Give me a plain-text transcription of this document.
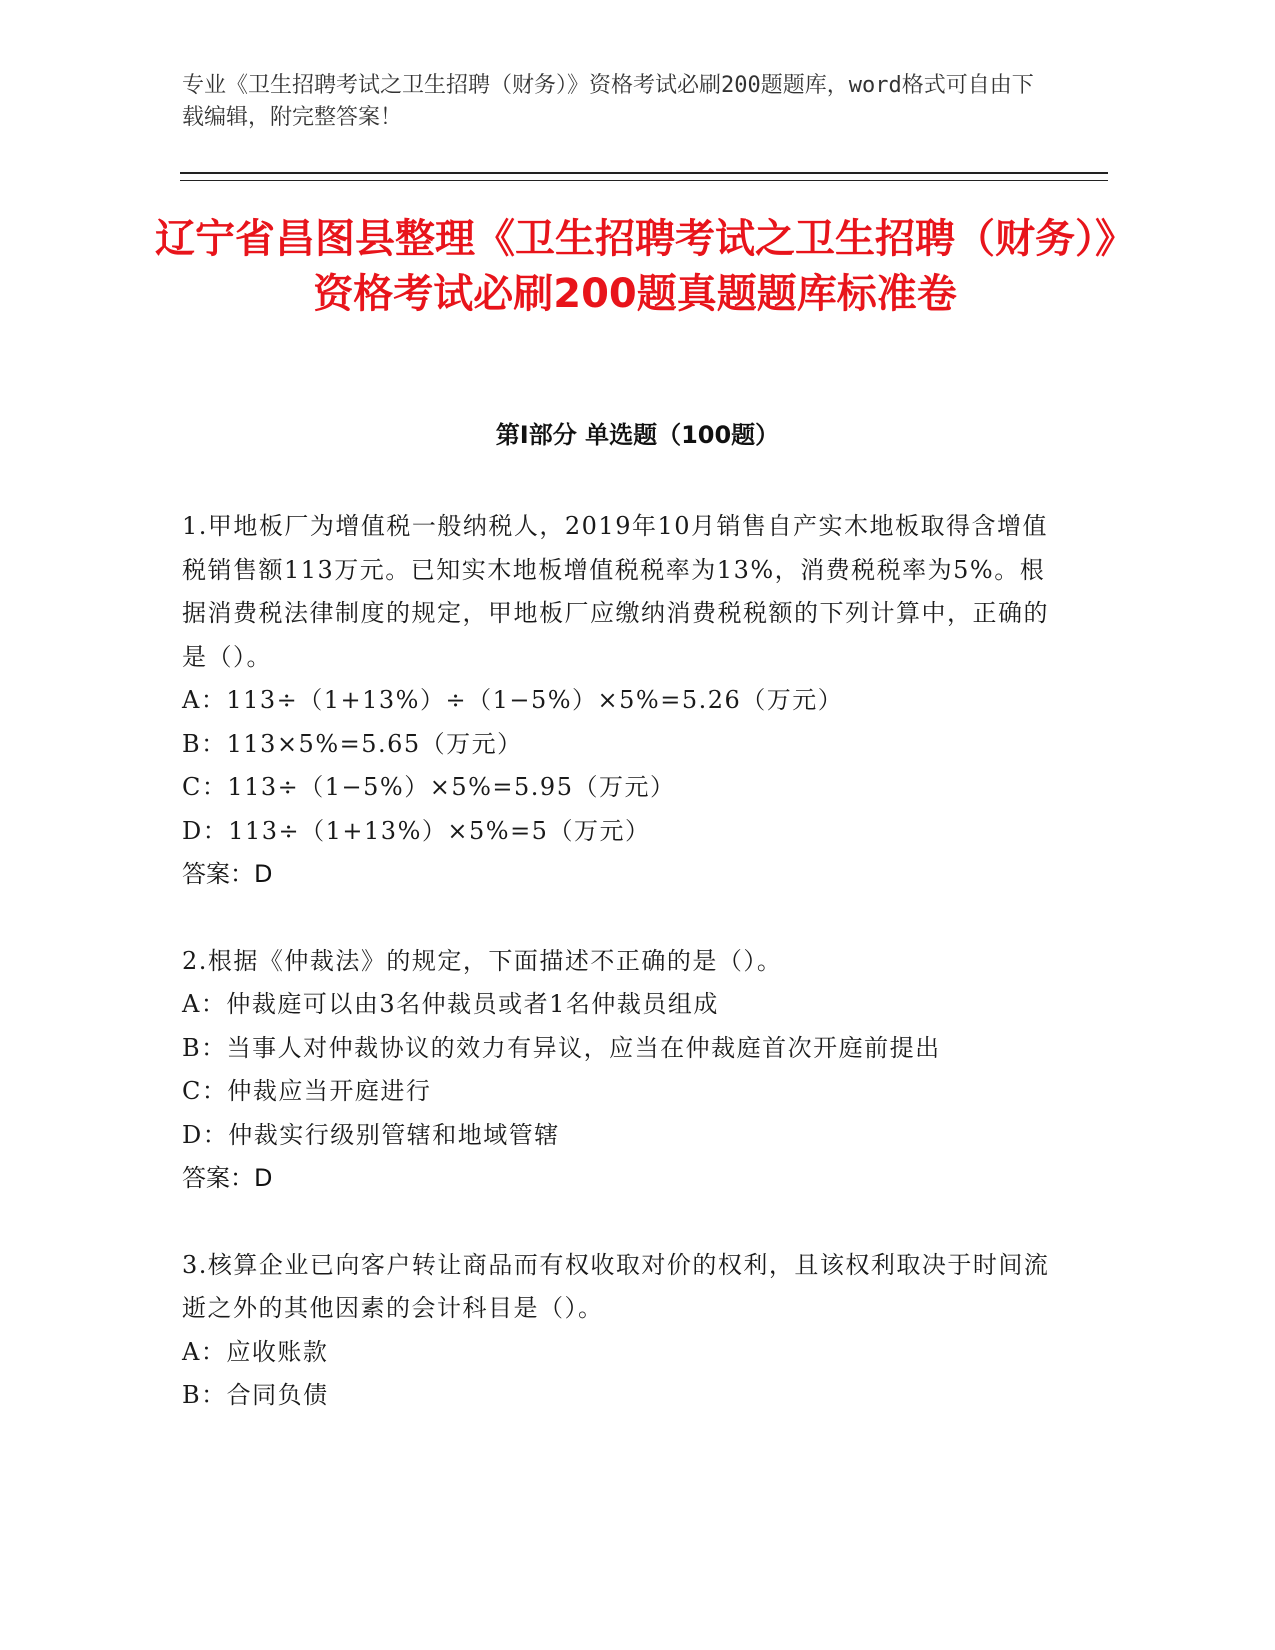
专业《卫生招聘考试之卫生招聘（财务）》资格考试必刷200题题库，word格式可自由下载编辑，附完整答案！
辽宁省昌图县整理《卫生招聘考试之卫生招聘（财务）》资格考试必刷200题真题题库标准卷
第I部分 单选题（100题）

1.甲地板厂为增值税一般纳税人，2019年10月销售自产实木地板取得含增值税销售额113万元。已知实木地板增值税税率为13%，消费税税率为5%。根据消费税法律制度的规定，甲地板厂应缴纳消费税税额的下列计算中，正确的是（）。

A：113÷（1+13%）÷（1−5%）×5%=5.26（万元）

B：113×5%=5.65（万元）

C：113÷（1−5%）×5%=5.95（万元）

D：113÷（1+13%）×5%=5（万元）

答案：D

2.根据《仲裁法》的规定，下面描述不正确的是（）。

A：仲裁庭可以由3名仲裁员或者1名仲裁员组成

B：当事人对仲裁协议的效力有异议，应当在仲裁庭首次开庭前提出

C：仲裁应当开庭进行

D：仲裁实行级别管辖和地域管辖

答案：D

3.核算企业已向客户转让商品而有权收取对价的权利，且该权利取决于时间流逝之外的其他因素的会计科目是（）。

A：应收账款

B：合同负债
